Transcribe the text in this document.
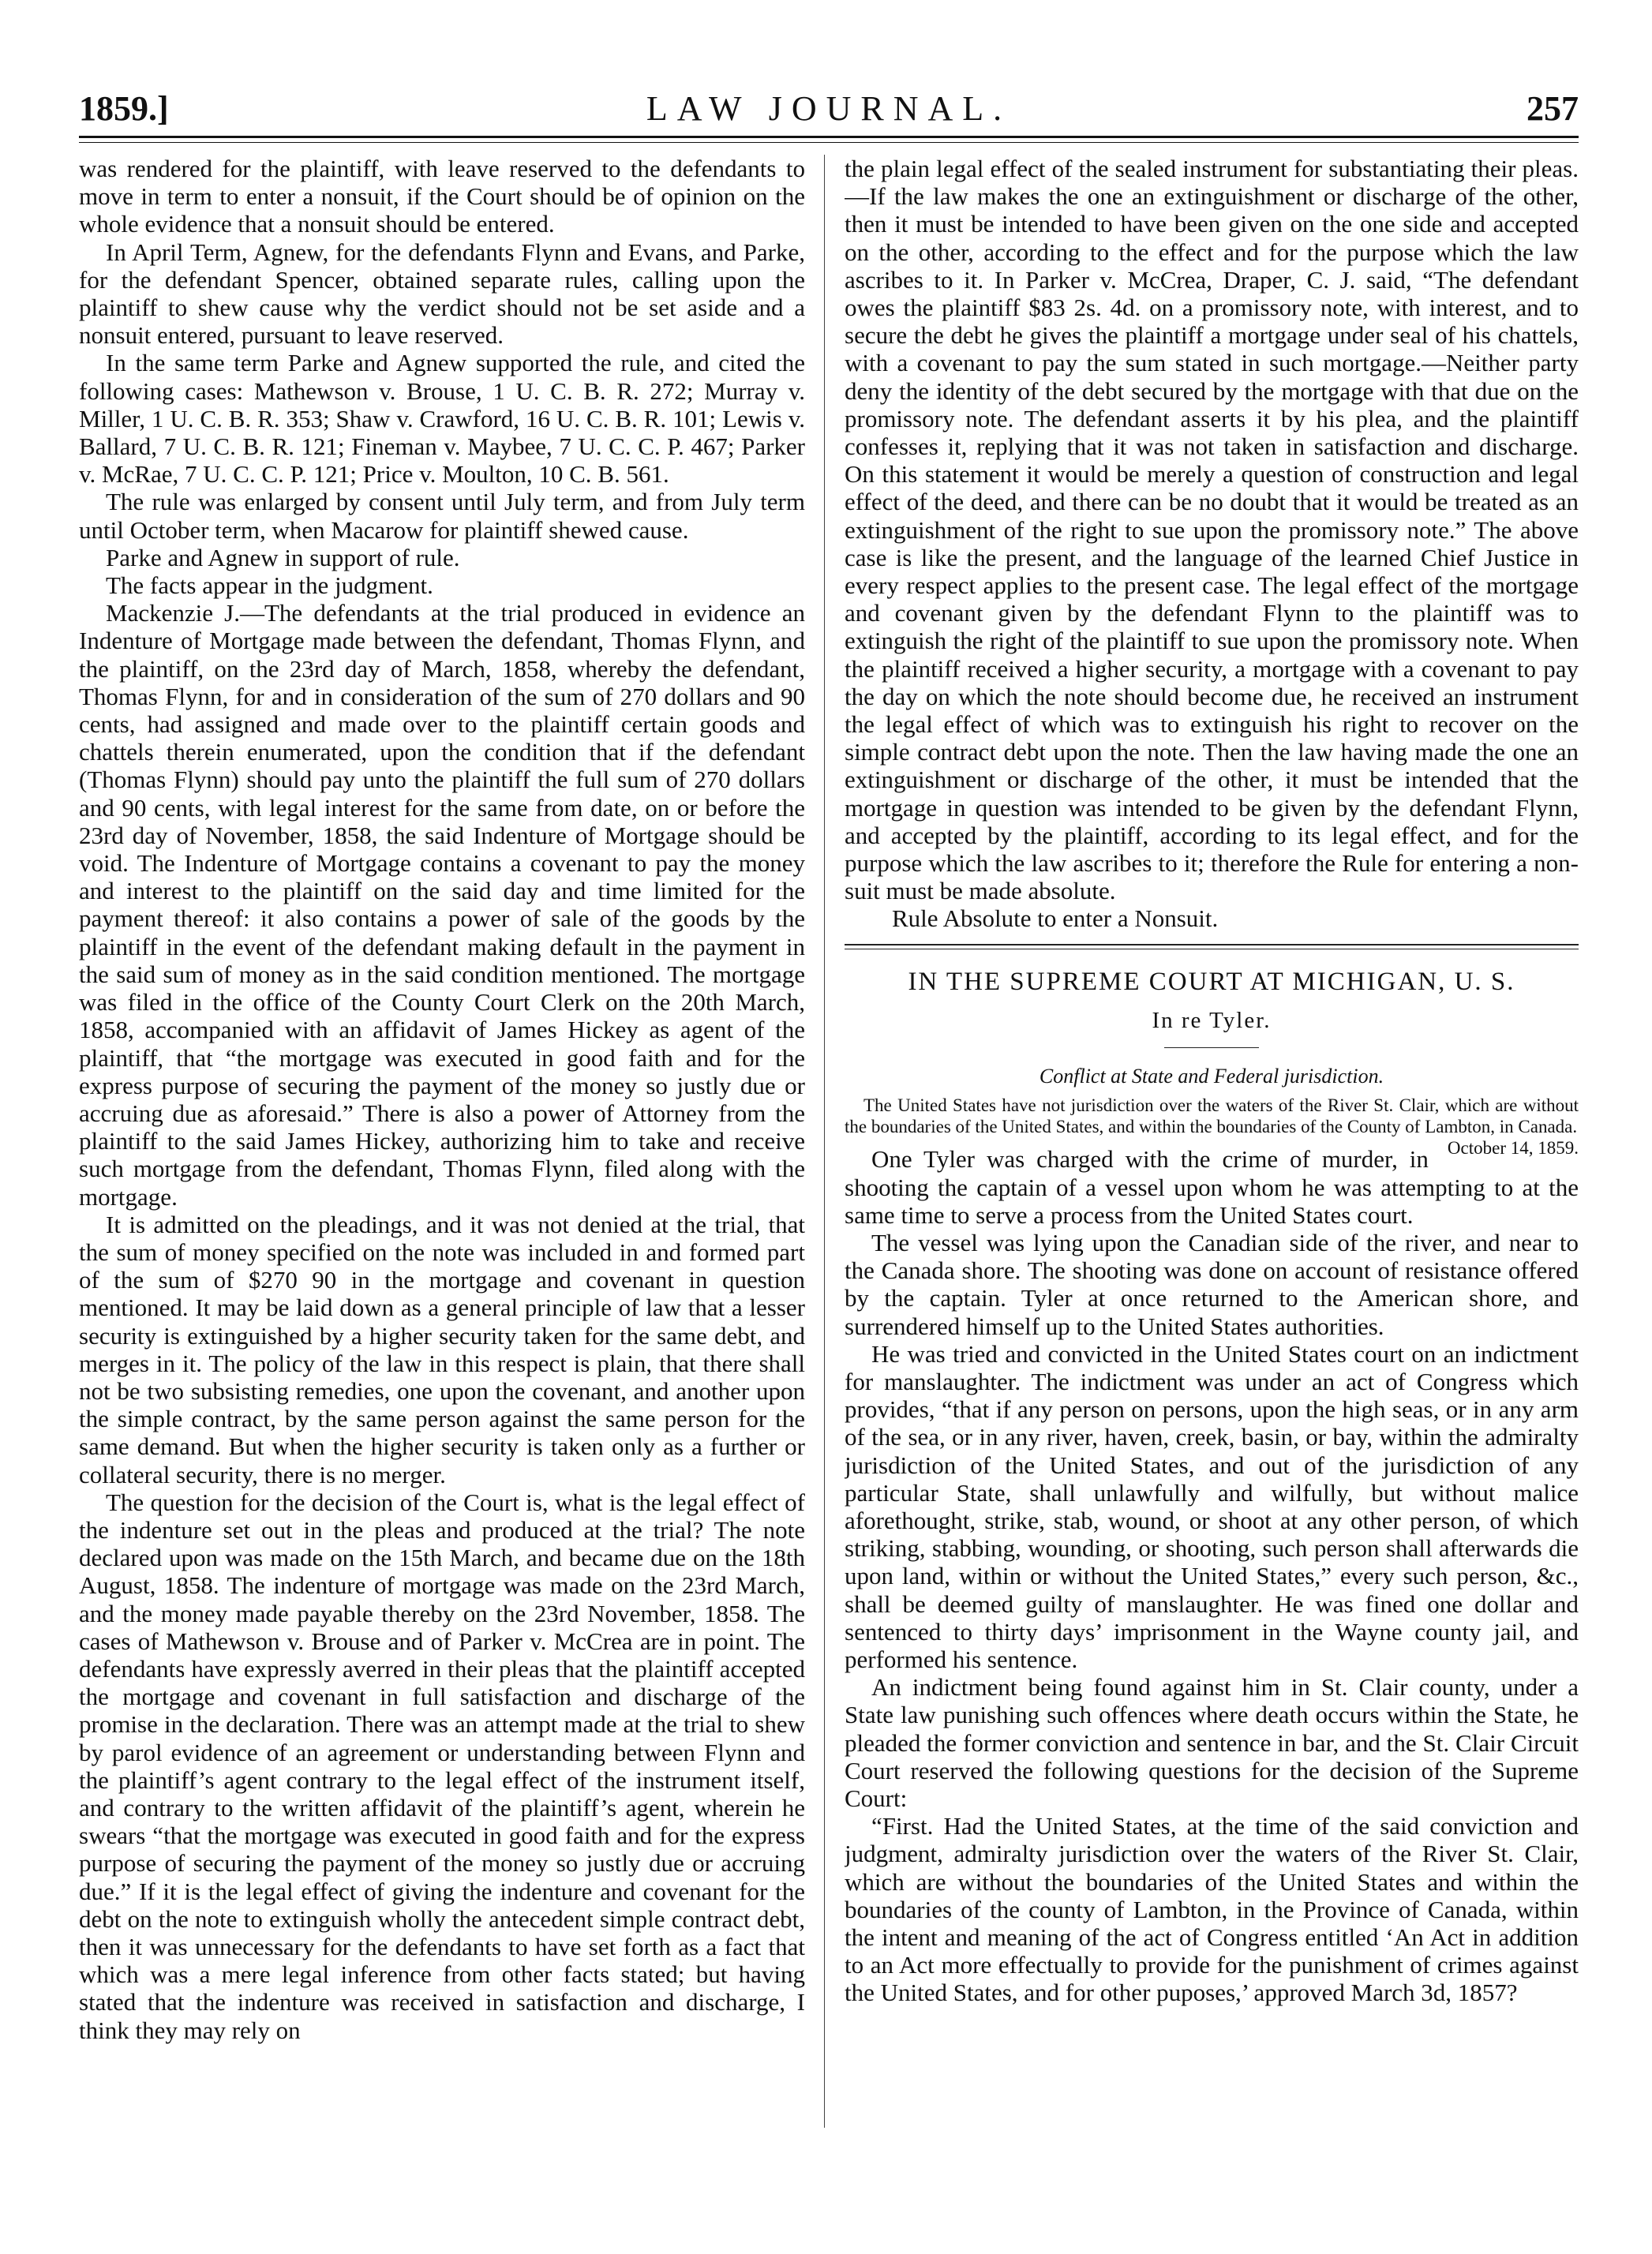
1859.]	LAW JOURNAL.	257

was rendered for the plaintiff, with leave reserved to the defendants to move in term to enter a nonsuit, if the Court should be of opinion on the whole evidence that a nonsuit should be entered.

In April Term, Agnew, for the defendants Flynn and Evans, and Parke, for the defendant Spencer, obtained separate rules, calling upon the plaintiff to shew cause why the verdict should not be set aside and a nonsuit entered, pursuant to leave reserved.

In the same term Parke and Agnew supported the rule, and cited the following cases: Mathewson v. Brouse, 1 U. C. B. R. 272; Murray v. Miller, 1 U. C. B. R. 353; Shaw v. Crawford, 16 U. C. B. R. 101; Lewis v. Ballard, 7 U. C. B. R. 121; Fineman v. Maybee, 7 U. C. C. P. 467; Parker v. McRae, 7 U. C. C. P. 121; Price v. Moulton, 10 C. B. 561.

The rule was enlarged by consent until July term, and from July term until October term, when Macarow for plaintiff shewed cause.

Parke and Agnew in support of rule.

The facts appear in the judgment.

Mackenzie J.—The defendants at the trial produced in evidence an Indenture of Mortgage made between the defendant, Thomas Flynn, and the plaintiff, on the 23rd day of March, 1858, whereby the defendant, Thomas Flynn, for and in consideration of the sum of 270 dollars and 90 cents, had assigned and made over to the plaintiff certain goods and chattels therein enumerated, upon the condition that if the defendant (Thomas Flynn) should pay unto the plaintiff the full sum of 270 dollars and 90 cents, with legal interest for the same from date, on or before the 23rd day of November, 1858, the said Indenture of Mortgage should be void. The Indenture of Mortgage contains a covenant to pay the money and interest to the plaintiff on the said day and time limited for the payment thereof: it also contains a power of sale of the goods by the plaintiff in the event of the defendant making default in the payment in the said sum of money as in the said condition mentioned. The mortgage was filed in the office of the County Court Clerk on the 20th March, 1858, accompanied with an affidavit of James Hickey as agent of the plaintiff, that “the mortgage was executed in good faith and for the express purpose of securing the payment of the money so justly due or accruing due as aforesaid.” There is also a power of Attorney from the plaintiff to the said James Hickey, authorizing him to take and receive such mortgage from the defendant, Thomas Flynn, filed along with the mortgage.

It is admitted on the pleadings, and it was not denied at the trial, that the sum of money specified on the note was included in and formed part of the sum of $270 90 in the mortgage and covenant in question mentioned. It may be laid down as a general principle of law that a lesser security is extinguished by a higher security taken for the same debt, and merges in it. The policy of the law in this respect is plain, that there shall not be two subsisting remedies, one upon the covenant, and another upon the simple contract, by the same person against the same person for the same demand. But when the higher security is taken only as a further or collateral security, there is no merger.

The question for the decision of the Court is, what is the legal effect of the indenture set out in the pleas and produced at the trial? The note declared upon was made on the 15th March, and became due on the 18th August, 1858. The indenture of mortgage was made on the 23rd March, and the money made payable thereby on the 23rd November, 1858. The cases of Mathewson v. Brouse and of Parker v. McCrea are in point. The defendants have expressly averred in their pleas that the plaintiff accepted the mortgage and covenant in full satisfaction and discharge of the promise in the declaration. There was an attempt made at the trial to shew by parol evidence of an agreement or understanding between Flynn and the plaintiff’s agent contrary to the legal effect of the instrument itself, and contrary to the written affidavit of the plaintiff’s agent, wherein he swears “that the mortgage was executed in good faith and for the express purpose of securing the payment of the money so justly due or accruing due.” If it is the legal effect of giving the indenture and covenant for the debt on the note to extinguish wholly the antecedent simple contract debt, then it was unnecessary for the defendants to have set forth as a fact that which was a mere legal inference from other facts stated; but having stated that the indenture was received in satisfaction and discharge, I think they may rely on

the plain legal effect of the sealed instrument for substantiating their pleas.—If the law makes the one an extinguishment or discharge of the other, then it must be intended to have been given on the one side and accepted on the other, according to the effect and for the purpose which the law ascribes to it. In Parker v. McCrea, Draper, C. J. said, “The defendant owes the plaintiff $83 2s. 4d. on a promissory note, with interest, and to secure the debt he gives the plaintiff a mortgage under seal of his chattels, with a covenant to pay the sum stated in such mortgage.—Neither party deny the identity of the debt secured by the mortgage with that due on the promissory note. The defendant asserts it by his plea, and the plaintiff confesses it, replying that it was not taken in satisfaction and discharge. On this statement it would be merely a question of construction and legal effect of the deed, and there can be no doubt that it would be treated as an extinguishment of the right to sue upon the promissory note.” The above case is like the present, and the language of the learned Chief Justice in every respect applies to the present case. The legal effect of the mortgage and covenant given by the defendant Flynn to the plaintiff was to extinguish the right of the plaintiff to sue upon the promissory note. When the plaintiff received a higher security, a mortgage with a covenant to pay the day on which the note should become due, he received an instrument the legal effect of which was to extinguish his right to recover on the simple contract debt upon the note. Then the law having made the one an extinguishment or discharge of the other, it must be intended that the mortgage in question was intended to be given by the defendant Flynn, and accepted by the plaintiff, according to its legal effect, and for the purpose which the law ascribes to it; therefore the Rule for entering a non-suit must be made absolute.

Rule Absolute to enter a Nonsuit.

IN THE SUPREME COURT AT MICHIGAN, U. S.

In re Tyler.

Conflict at State and Federal jurisdiction.

The United States have not jurisdiction over the waters of the River St. Clair, which are without the boundaries of the United States, and within the boundaries of the County of Lambton, in Canada.
October 14, 1859.

One Tyler was charged with the crime of murder, in shooting the captain of a vessel upon whom he was attempting to at the same time to serve a process from the United States court.

The vessel was lying upon the Canadian side of the river, and near to the Canada shore. The shooting was done on account of resistance offered by the captain. Tyler at once returned to the American shore, and surrendered himself up to the United States authorities.

He was tried and convicted in the United States court on an indictment for manslaughter. The indictment was under an act of Congress which provides, “that if any person on persons, upon the high seas, or in any arm of the sea, or in any river, haven, creek, basin, or bay, within the admiralty jurisdiction of the United States, and out of the jurisdiction of any particular State, shall unlawfully and wilfully, but without malice aforethought, strike, stab, wound, or shoot at any other person, of which striking, stabbing, wounding, or shooting, such person shall afterwards die upon land, within or without the United States,” every such person, &c., shall be deemed guilty of manslaughter. He was fined one dollar and sentenced to thirty days’ imprisonment in the Wayne county jail, and performed his sentence.

An indictment being found against him in St. Clair county, under a State law punishing such offences where death occurs within the State, he pleaded the former conviction and sentence in bar, and the St. Clair Circuit Court reserved the following questions for the decision of the Supreme Court:

“First. Had the United States, at the time of the said conviction and judgment, admiralty jurisdiction over the waters of the River St. Clair, which are without the boundaries of the United States and within the boundaries of the county of Lambton, in the Province of Canada, within the intent and meaning of the act of Congress entitled ‘An Act in addition to an Act more effectually to provide for the punishment of crimes against the United States, and for other puposes,’ approved March 3d, 1857?
